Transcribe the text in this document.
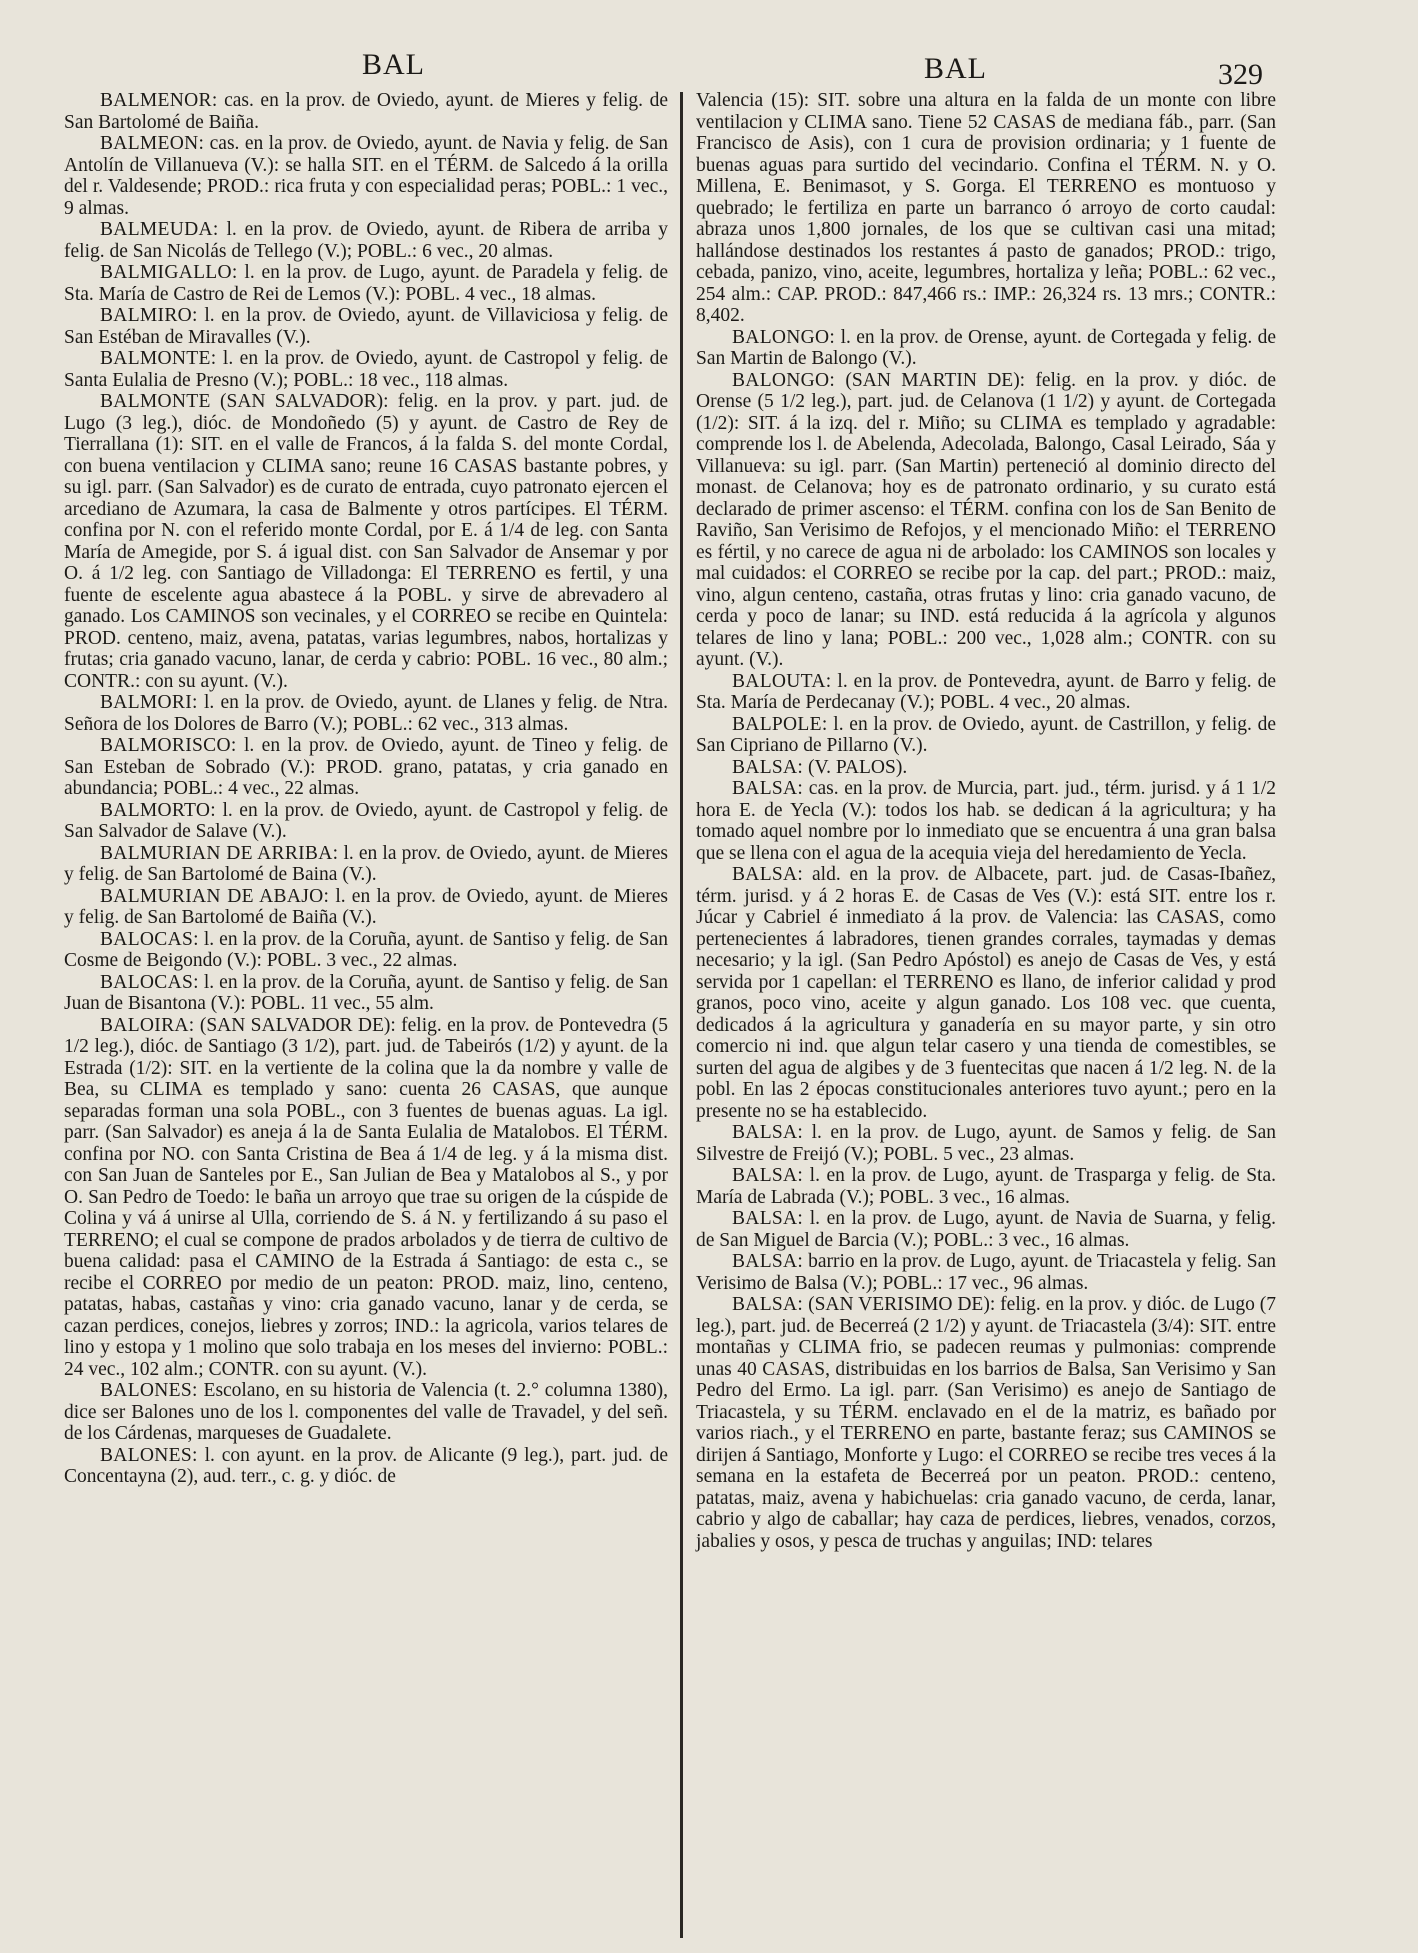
BAL	BAL	329

BALMENOR: cas. en la prov. de Oviedo, ayunt. de Mieres y felig. de San Bartolomé de Baiña.

BALMEON: cas. en la prov. de Oviedo, ayunt. de Navia y felig. de San Antolín de Villanueva (V.): se halla SIT. en el TÉRM. de Salcedo á la orilla del r. Valdesende; PROD.: rica fruta y con especialidad peras; POBL.: 1 vec., 9 almas.

BALMEUDA: l. en la prov. de Oviedo, ayunt. de Ribera de arriba y felig. de San Nicolás de Tellego (V.); POBL.: 6 vec., 20 almas.

BALMIGALLO: l. en la prov. de Lugo, ayunt. de Paradela y felig. de Sta. María de Castro de Rei de Lemos (V.): POBL. 4 vec., 18 almas.

BALMIRO: l. en la prov. de Oviedo, ayunt. de Villaviciosa y felig. de San Estéban de Miravalles (V.).

BALMONTE: l. en la prov. de Oviedo, ayunt. de Castropol y felig. de Santa Eulalia de Presno (V.); POBL.: 18 vec., 118 almas.

BALMONTE (SAN SALVADOR): felig. en la prov. y part. jud. de Lugo (3 leg.), dióc. de Mondoñedo (5) y ayunt. de Castro de Rey de Tierrallana (1): SIT. en el valle de Francos, á la falda S. del monte Cordal, con buena ventilacion y CLIMA sano; reune 16 CASAS bastante pobres, y su igl. parr. (San Salvador) es de curato de entrada, cuyo patronato ejercen el arcediano de Azumara, la casa de Balmente y otros partícipes. El TÉRM. confina por N. con el referido monte Cordal, por E. á 1/4 de leg. con Santa María de Amegide, por S. á igual dist. con San Salvador de Ansemar y por O. á 1/2 leg. con Santiago de Villadonga: El TERRENO es fertil, y una fuente de escelente agua abastece á la POBL. y sirve de abrevadero al ganado. Los CAMINOS son vecinales, y el CORREO se recibe en Quintela: PROD. centeno, maiz, avena, patatas, varias legumbres, nabos, hortalizas y frutas; cria ganado vacuno, lanar, de cerda y cabrio: POBL. 16 vec., 80 alm.; CONTR.: con su ayunt. (V.).

BALMORI: l. en la prov. de Oviedo, ayunt. de Llanes y felig. de Ntra. Señora de los Dolores de Barro (V.); POBL.: 62 vec., 313 almas.

BALMORISCO: l. en la prov. de Oviedo, ayunt. de Tineo y felig. de San Esteban de Sobrado (V.): PROD. grano, patatas, y cria ganado en abundancia; POBL.: 4 vec., 22 almas.

BALMORTO: l. en la prov. de Oviedo, ayunt. de Castropol y felig. de San Salvador de Salave (V.).

BALMURIAN DE ARRIBA: l. en la prov. de Oviedo, ayunt. de Mieres y felig. de San Bartolomé de Baina (V.).

BALMURIAN DE ABAJO: l. en la prov. de Oviedo, ayunt. de Mieres y felig. de San Bartolomé de Baiña (V.).

BALOCAS: l. en la prov. de la Coruña, ayunt. de Santiso y felig. de San Cosme de Beigondo (V.): POBL. 3 vec., 22 almas.

BALOCAS: l. en la prov. de la Coruña, ayunt. de Santiso y felig. de San Juan de Bisantona (V.): POBL. 11 vec., 55 alm.

BALOIRA: (SAN SALVADOR DE): felig. en la prov. de Pontevedra (5 1/2 leg.), dióc. de Santiago (3 1/2), part. jud. de Tabeirós (1/2) y ayunt. de la Estrada (1/2): SIT. en la vertiente de la colina que la da nombre y valle de Bea, su CLIMA es templado y sano: cuenta 26 CASAS, que aunque separadas forman una sola POBL., con 3 fuentes de buenas aguas. La igl. parr. (San Salvador) es aneja á la de Santa Eulalia de Matalobos. El TÉRM. confina por NO. con Santa Cristina de Bea á 1/4 de leg. y á la misma dist. con San Juan de Santeles por E., San Julian de Bea y Matalobos al S., y por O. San Pedro de Toedo: le baña un arroyo que trae su origen de la cúspide de Colina y vá á unirse al Ulla, corriendo de S. á N. y fertilizando á su paso el TERRENO; el cual se compone de prados arbolados y de tierra de cultivo de buena calidad: pasa el CAMINO de la Estrada á Santiago: de esta c., se recibe el CORREO por medio de un peaton: PROD. maiz, lino, centeno, patatas, habas, castañas y vino: cria ganado vacuno, lanar y de cerda, se cazan perdices, conejos, liebres y zorros; IND.: la agricola, varios telares de lino y estopa y 1 molino que solo trabaja en los meses del invierno: POBL.: 24 vec., 102 alm.; CONTR. con su ayunt. (V.).

BALONES: Escolano, en su historia de Valencia (t. 2.° columna 1380), dice ser Balones uno de los l. componentes del valle de Travadel, y del señ. de los Cárdenas, marqueses de Guadalete.

BALONES: l. con ayunt. en la prov. de Alicante (9 leg.), part. jud. de Concentayna (2), aud. terr., c. g. y dióc. de

Valencia (15): SIT. sobre una altura en la falda de un monte con libre ventilacion y CLIMA sano. Tiene 52 CASAS de mediana fáb., parr. (San Francisco de Asis), con 1 cura de provision ordinaria; y 1 fuente de buenas aguas para surtido del vecindario. Confina el TÉRM. N. y O. Millena, E. Benimasot, y S. Gorga. El TERRENO es montuoso y quebrado; le fertiliza en parte un barranco ó arroyo de corto caudal: abraza unos 1,800 jornales, de los que se cultivan casi una mitad; hallándose destinados los restantes á pasto de ganados; PROD.: trigo, cebada, panizo, vino, aceite, legumbres, hortaliza y leña; POBL.: 62 vec., 254 alm.: CAP. PROD.: 847,466 rs.: IMP.: 26,324 rs. 13 mrs.; CONTR.: 8,402.

BALONGO: l. en la prov. de Orense, ayunt. de Cortegada y felig. de San Martin de Balongo (V.).

BALONGO: (SAN MARTIN DE): felig. en la prov. y dióc. de Orense (5 1/2 leg.), part. jud. de Celanova (1 1/2) y ayunt. de Cortegada (1/2): SIT. á la izq. del r. Miño; su CLIMA es templado y agradable: comprende los l. de Abelenda, Adecolada, Balongo, Casal Leirado, Sáa y Villanueva: su igl. parr. (San Martin) perteneció al dominio directo del monast. de Celanova; hoy es de patronato ordinario, y su curato está declarado de primer ascenso: el TÉRM. confina con los de San Benito de Raviño, San Verisimo de Refojos, y el mencionado Miño: el TERRENO es fértil, y no carece de agua ni de arbolado: los CAMINOS son locales y mal cuidados: el CORREO se recibe por la cap. del part.; PROD.: maiz, vino, algun centeno, castaña, otras frutas y lino: cria ganado vacuno, de cerda y poco de lanar; su IND. está reducida á la agrícola y algunos telares de lino y lana; POBL.: 200 vec., 1,028 alm.; CONTR. con su ayunt. (V.).

BALOUTA: l. en la prov. de Pontevedra, ayunt. de Barro y felig. de Sta. María de Perdecanay (V.); POBL. 4 vec., 20 almas.

BALPOLE: l. en la prov. de Oviedo, ayunt. de Castrillon, y felig. de San Cipriano de Pillarno (V.).

BALSA: (V. PALOS).

BALSA: cas. en la prov. de Murcia, part. jud., térm. jurisd. y á 1 1/2 hora E. de Yecla (V.): todos los hab. se dedican á la agricultura; y ha tomado aquel nombre por lo inmediato que se encuentra á una gran balsa que se llena con el agua de la acequia vieja del heredamiento de Yecla.

BALSA: ald. en la prov. de Albacete, part. jud. de Casas-Ibañez, térm. jurisd. y á 2 horas E. de Casas de Ves (V.): está SIT. entre los r. Júcar y Cabriel é inmediato á la prov. de Valencia: las CASAS, como pertenecientes á labradores, tienen grandes corrales, taymadas y demas necesario; y la igl. (San Pedro Apóstol) es anejo de Casas de Ves, y está servida por 1 capellan: el TERRENO es llano, de inferior calidad y prod granos, poco vino, aceite y algun ganado. Los 108 vec. que cuenta, dedicados á la agricultura y ganadería en su mayor parte, y sin otro comercio ni ind. que algun telar casero y una tienda de comestibles, se surten del agua de algibes y de 3 fuentecitas que nacen á 1/2 leg. N. de la pobl. En las 2 épocas constitucionales anteriores tuvo ayunt.; pero en la presente no se ha establecido.

BALSA: l. en la prov. de Lugo, ayunt. de Samos y felig. de San Silvestre de Freijó (V.); POBL. 5 vec., 23 almas.

BALSA: l. en la prov. de Lugo, ayunt. de Trasparga y felig. de Sta. María de Labrada (V.); POBL. 3 vec., 16 almas.

BALSA: l. en la prov. de Lugo, ayunt. de Navia de Suarna, y felig. de San Miguel de Barcia (V.); POBL.: 3 vec., 16 almas.

BALSA: barrio en la prov. de Lugo, ayunt. de Triacastela y felig. San Verisimo de Balsa (V.); POBL.: 17 vec., 96 almas.

BALSA: (SAN VERISIMO DE): felig. en la prov. y dióc. de Lugo (7 leg.), part. jud. de Becerreá (2 1/2) y ayunt. de Triacastela (3/4): SIT. entre montañas y CLIMA frio, se padecen reumas y pulmonias: comprende unas 40 CASAS, distribuidas en los barrios de Balsa, San Verisimo y San Pedro del Ermo. La igl. parr. (San Verisimo) es anejo de Santiago de Triacastela, y su TÉRM. enclavado en el de la matriz, es bañado por varios riach., y el TERRENO en parte, bastante feraz; sus CAMINOS se dirijen á Santiago, Monforte y Lugo: el CORREO se recibe tres veces á la semana en la estafeta de Becerreá por un peaton. PROD.: centeno, patatas, maiz, avena y habichuelas: cria ganado vacuno, de cerda, lanar, cabrio y algo de caballar; hay caza de perdices, liebres, venados, corzos, jabalies y osos, y pesca de truchas y anguilas; IND: telares
